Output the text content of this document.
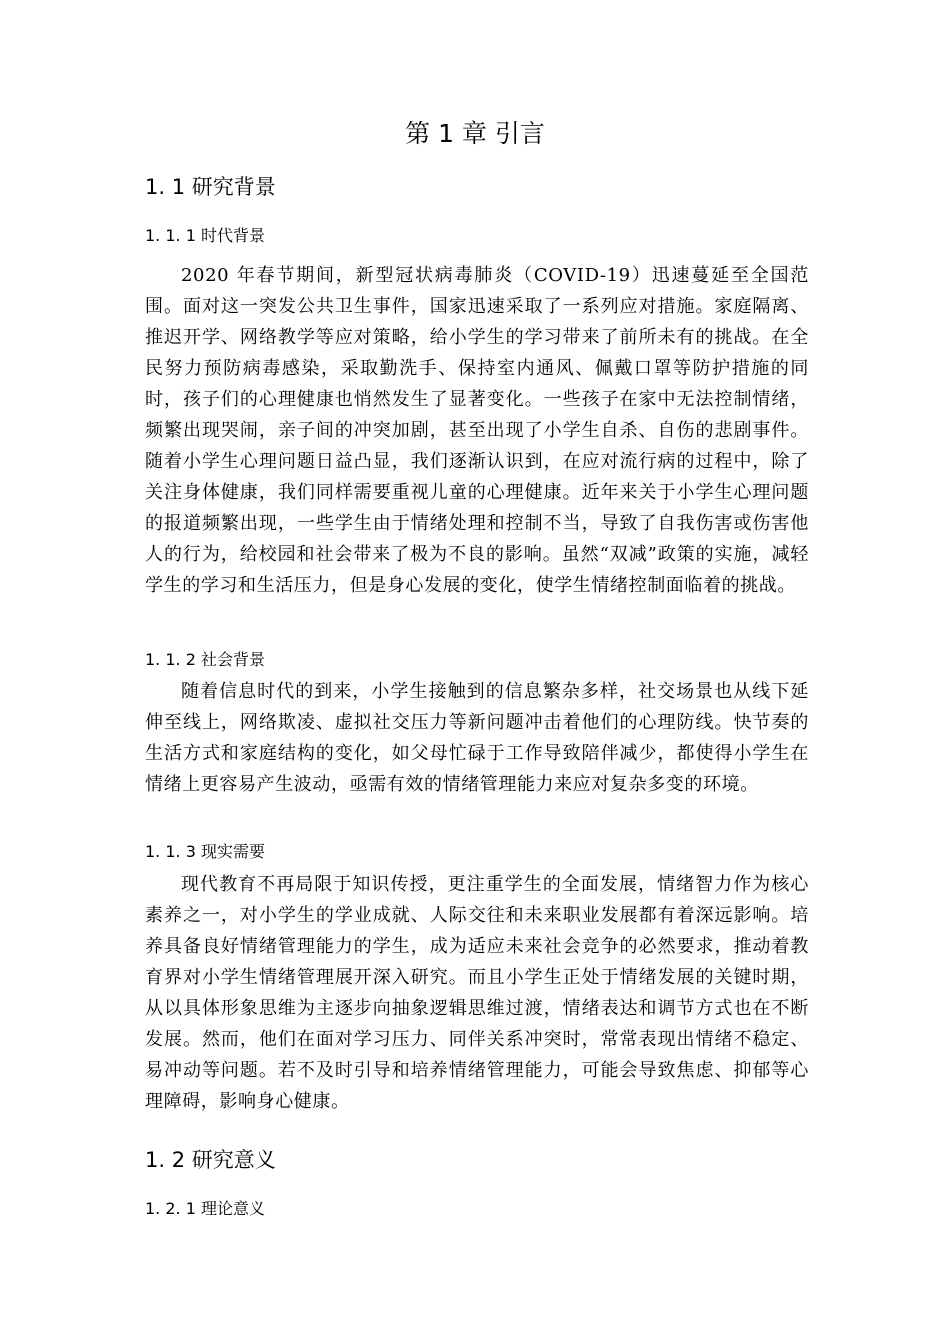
第 1 章 引言
1. 1 研究背景
1. 1. 1 时代背景

2020 年春节期间，新型冠状病毒肺炎（COVID-19）迅速蔓延至全国范围。面对这一突发公共卫生事件，国家迅速采取了一系列应对措施。家庭隔离、推迟开学、网络教学等应对策略，给小学生的学习带来了前所未有的挑战。在全民努力预防病毒感染，采取勤洗手、保持室内通风、佩戴口罩等防护措施的同时，孩子们的心理健康也悄然发生了显著变化。一些孩子在家中无法控制情绪，频繁出现哭闹，亲子间的冲突加剧，甚至出现了小学生自杀、自伤的悲剧事件。随着小学生心理问题日益凸显，我们逐渐认识到，在应对流行病的过程中，除了关注身体健康，我们同样需要重视儿童的心理健康。近年来关于小学生心理问题的报道频繁出现，一些学生由于情绪处理和控制不当，导致了自我伤害或伤害他人的行为，给校园和社会带来了极为不良的影响。虽然“双减”政策的实施，减轻学生的学习和生活压力，但是身心发展的变化，使学生情绪控制面临着的挑战。

1. 1. 2 社会背景

随着信息时代的到来，小学生接触到的信息繁杂多样，社交场景也从线下延伸至线上，网络欺凌、虚拟社交压力等新问题冲击着他们的心理防线。快节奏的生活方式和家庭结构的变化，如父母忙碌于工作导致陪伴减少，都使得小学生在情绪上更容易产生波动，亟需有效的情绪管理能力来应对复杂多变的环境。

1. 1. 3 现实需要

现代教育不再局限于知识传授，更注重学生的全面发展，情绪智力作为核心素养之一，对小学生的学业成就、人际交往和未来职业发展都有着深远影响。培养具备良好情绪管理能力的学生，成为适应未来社会竞争的必然要求，推动着教育界对小学生情绪管理展开深入研究。而且小学生正处于情绪发展的关键时期，从以具体形象思维为主逐步向抽象逻辑思维过渡，情绪表达和调节方式也在不断发展。然而，他们在面对学习压力、同伴关系冲突时，常常表现出情绪不稳定、易冲动等问题。若不及时引导和培养情绪管理能力，可能会导致焦虑、抑郁等心理障碍，影响身心健康。

1. 2 研究意义
1. 2. 1 理论意义
